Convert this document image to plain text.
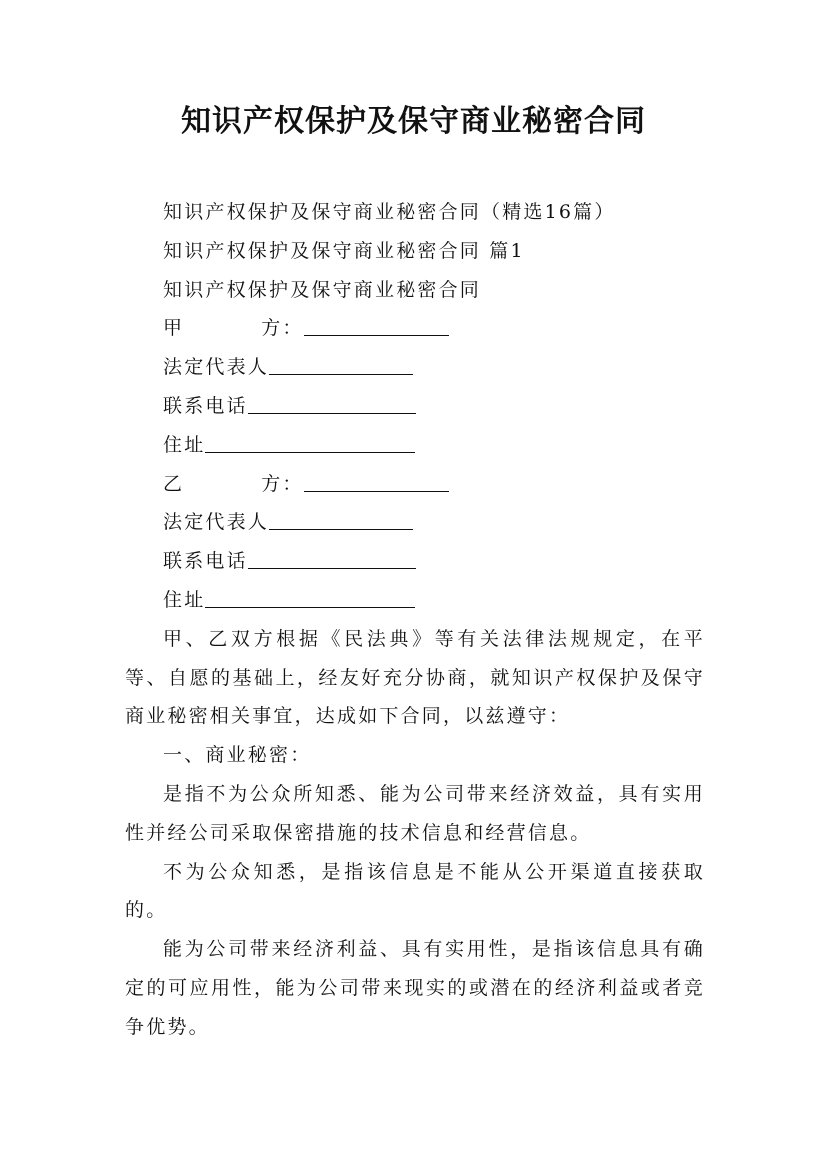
知识产权保护及保守商业秘密合同
知识产权保护及保守商业秘密合同（精选16篇）
知识产权保护及保守商业秘密合同 篇1
知识产权保护及保守商业秘密合同
甲	方：
法定代表人
联系电话
住址
乙	方：
法定代表人
联系电话
住址

甲、乙双方根据《民法典》等有关法律法规规定，在平等、自愿的基础上，经友好充分协商，就知识产权保护及保守商业秘密相关事宜，达成如下合同，以兹遵守：

一、商业秘密：

是指不为公众所知悉、能为公司带来经济效益，具有实用性并经公司采取保密措施的技术信息和经营信息。

不为公众知悉，是指该信息是不能从公开渠道直接获取的。

能为公司带来经济利益、具有实用性，是指该信息具有确定的可应用性，能为公司带来现实的或潜在的经济利益或者竞争优势。
